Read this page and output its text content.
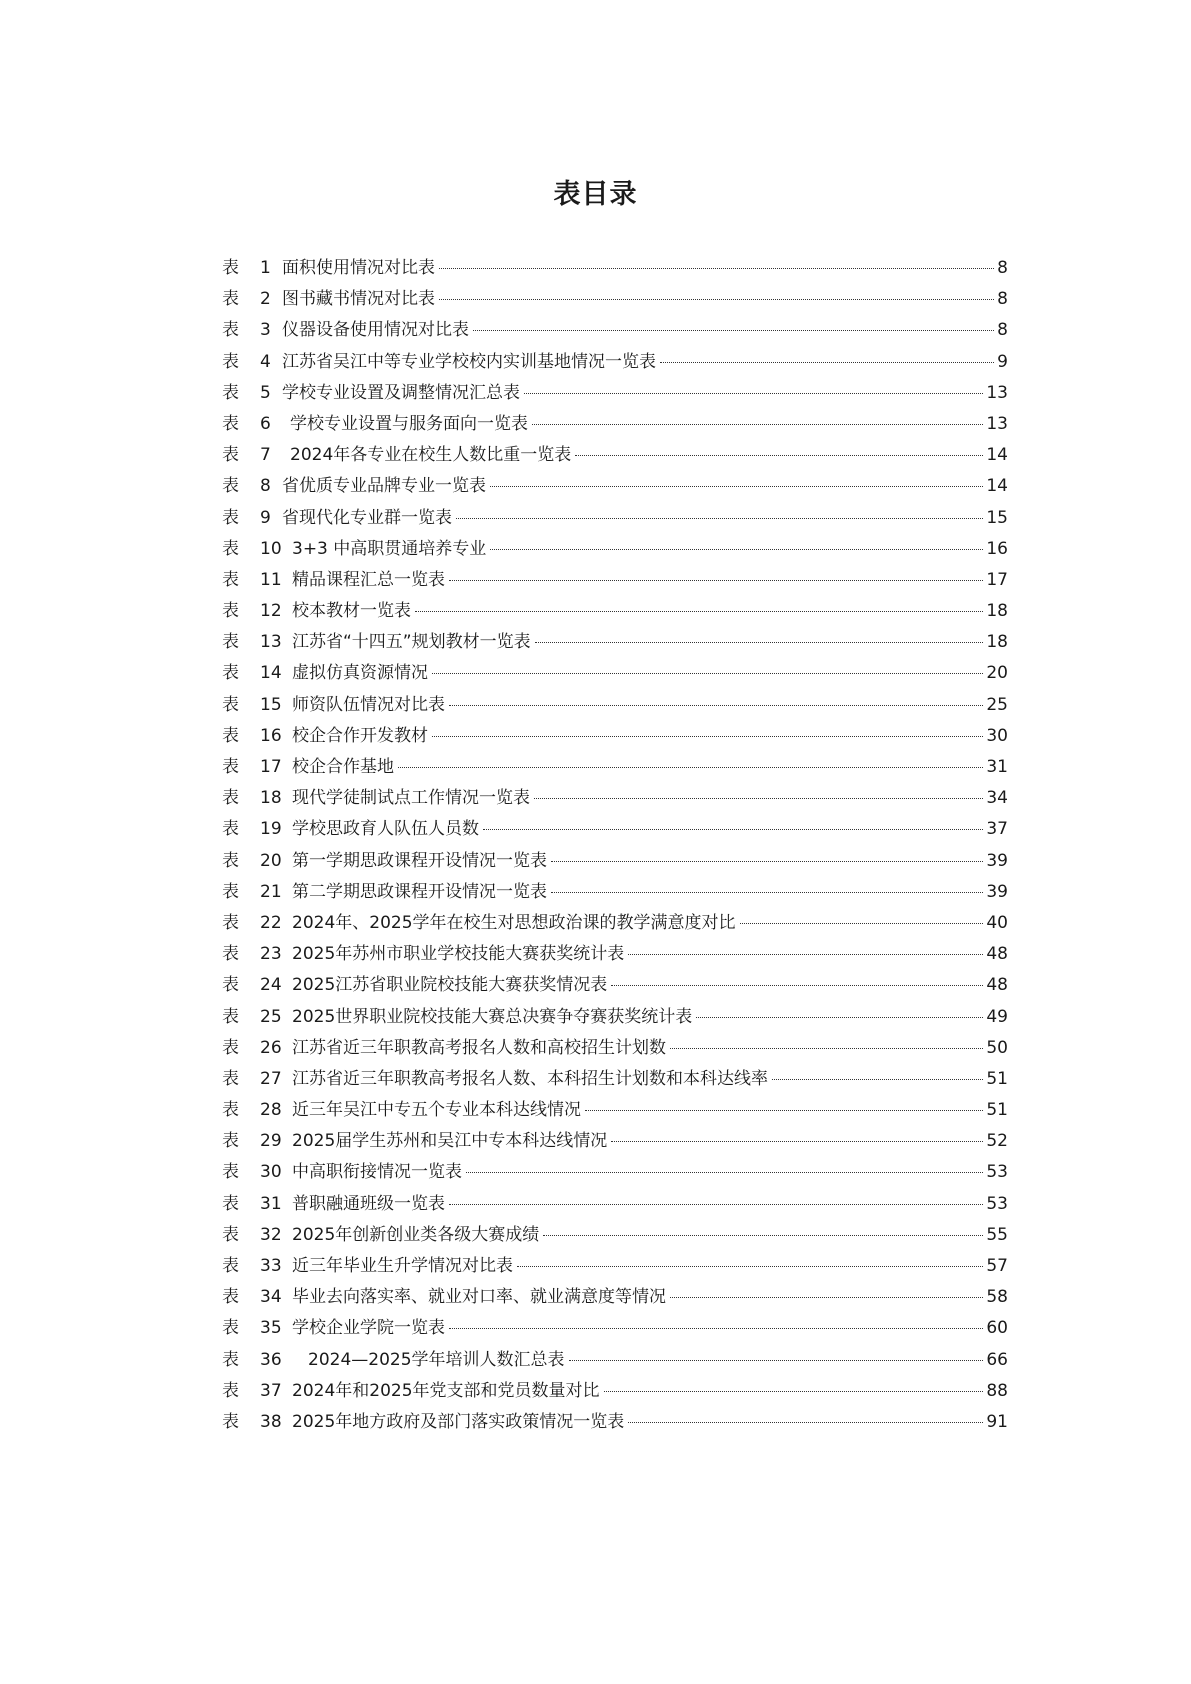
表目录
表	1 面积使用情况对比表	8
表	2 图书藏书情况对比表	8
表	3 仪器设备使用情况对比表	8
表	4 江苏省吴江中等专业学校校内实训基地情况一览表	9
表	5 学校专业设置及调整情况汇总表	13
表	6	学校专业设置与服务面向一览表	13
表	7	2024年各专业在校生人数比重一览表	14
表	8 省优质专业品牌专业一览表	14
表	9 省现代化专业群一览表	15
表	10 3+3 中高职贯通培养专业	16
表	11 精品课程汇总一览表	17
表	12 校本教材一览表	18
表	13 江苏省“十四五”规划教材一览表	18
表	14 虚拟仿真资源情况	20
表	15 师资队伍情况对比表	25
表	16 校企合作开发教材	30
表	17 校企合作基地	31
表	18 现代学徒制试点工作情况一览表	34
表	19 学校思政育人队伍人员数	37
表	20 第一学期思政课程开设情况一览表	39
表	21 第二学期思政课程开设情况一览表	39
表	22 2024年、2025学年在校生对思想政治课的教学满意度对比	40
表	23 2025年苏州市职业学校技能大赛获奖统计表	48
表	24 2025江苏省职业院校技能大赛获奖情况表	48
表	25 2025世界职业院校技能大赛总决赛争夺赛获奖统计表	49
表	26 江苏省近三年职教高考报名人数和高校招生计划数	50
表	27 江苏省近三年职教高考报名人数、本科招生计划数和本科达线率	51
表	28 近三年吴江中专五个专业本科达线情况	51
表	29 2025届学生苏州和吴江中专本科达线情况	52
表	30 中高职衔接情况一览表	53
表	31 普职融通班级一览表	53
表	32 2025年创新创业类各级大赛成绩	55
表	33 近三年毕业生升学情况对比表	57
表	34 毕业去向落实率、就业对口率、就业满意度等情况	58
表	35 学校企业学院一览表	60
表	36	2024—2025学年培训人数汇总表	66
表	37 2024年和2025年党支部和党员数量对比	88
表	38 2025年地方政府及部门落实政策情况一览表	91
